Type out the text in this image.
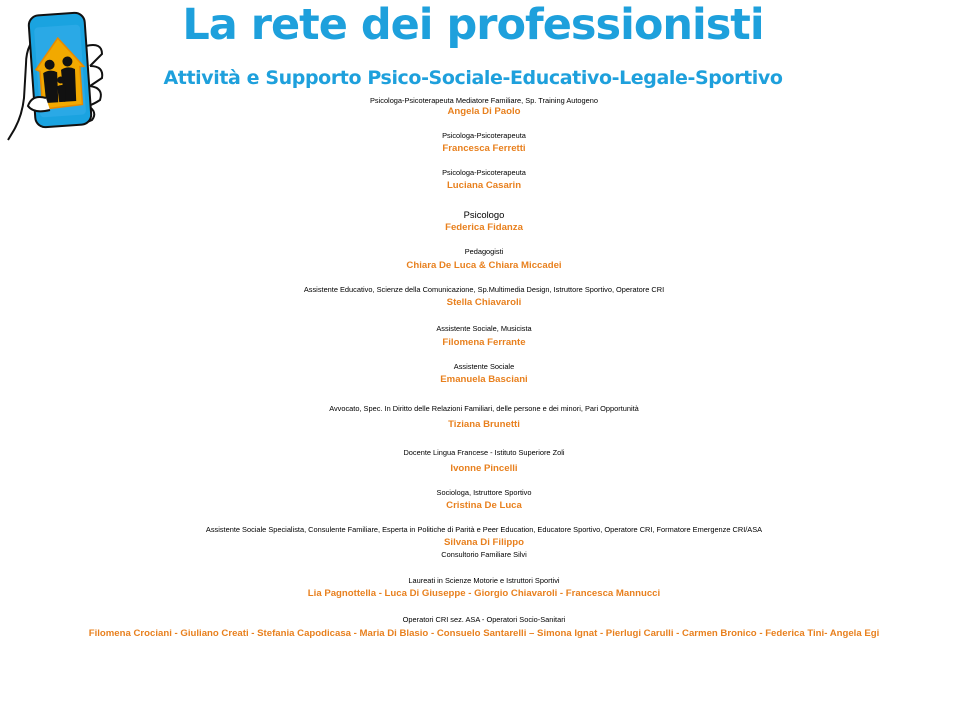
La rete dei professionisti
Attività e Supporto Psico-Sociale-Educativo-Legale-Sportivo
Psicologa-Psicoterapeuta Mediatore Familiare, Sp. Training Autogeno
Angela Di Paolo
Psicologa-Psicoterapeuta
Francesca Ferretti
Psicologa-Psicoterapeuta
Luciana Casarin
Psicologo
Federica Fidanza
Pedagogisti
Chiara De Luca & Chiara Miccadei
Assistente Educativo, Scienze della Comunicazione, Sp.Multimedia Design, Istruttore Sportivo, Operatore CRI
Stella Chiavaroli
Assistente Sociale, Musicista
Filomena Ferrante
Assistente Sociale
Emanuela Basciani
Avvocato, Spec. In Diritto delle Relazioni Familiari, delle persone e dei minori, Pari Opportunità
Tiziana Brunetti
Docente Lingua Francese - Istituto Superiore Zoli
Ivonne Pincelli
Sociologa, Istruttore Sportivo
Cristina De Luca
Assistente Sociale Specialista, Consulente Familiare, Esperta in Politiche di Parità e Peer Education, Educatore Sportivo, Operatore CRI, Formatore Emergenze CRI/ASA
Silvana Di Filippo
Consultorio Familiare Silvi
Laureati in Scienze Motorie e Istruttori Sportivi
Lia Pagnottella - Luca Di Giuseppe - Giorgio Chiavaroli - Francesca Mannucci
Operatori CRI sez. ASA - Operatori Socio-Sanitari
Filomena Crociani - Giuliano Creati - Stefania Capodicasa - Maria Di Blasio - Consuelo Santarelli – Simona Ignat - Pierlugi Carulli - Carmen Bronico - Federica Tini- Angela Egi
